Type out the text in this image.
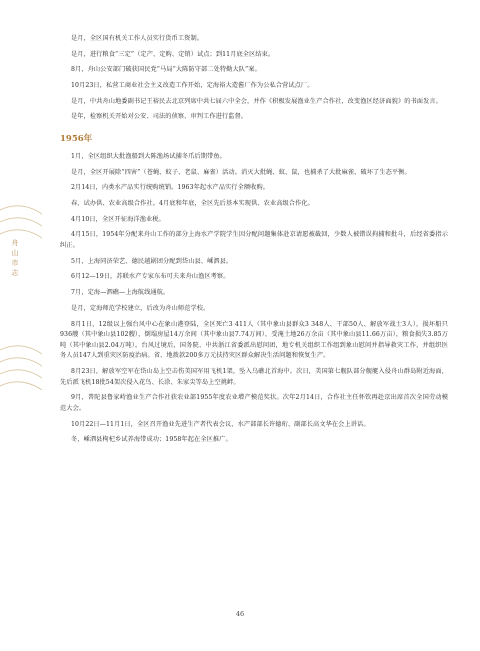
舟山市志

是月，全区国有机关工作人员实行货币工资制。

是月，进行粮食“三定”（定产、定购、定销）试点；到11月底全区结束。

8月，舟山公安部门破获国民党“马局“大陈防守部二处特勤大队”案。

10月23日，私营工商业社会主义改造工作开始，定海裕大造酱厂作为公私合营试点厂。

是月，中共舟山地委副书记王裕民去北京列席中共七届六中全会，并作《积极发展渔业生产合作社，改变渔区经济面貌》的书面发言。

是年，检察机关开始对公安、司法的侦察、审判工作进行监督。

1956年

1月，全区组织大批渔船到大陈渔场试捕冬爪后期带鱼。

是月，全区开展除“四害”（苍蝇、蚊子、老鼠、麻雀）活动。消灭大批蝇、蚊、鼠，也捕杀了大批麻雀，破坏了生态平衡。

2月14日，内类水产品实行统购统销。1963年起水产品实行全额收购。

春，试办供、农业高级合作社。4月底和年底，全区先后基本实现供、农业高级合作化。

4月10日，全区开征海洋渔业税。

4月15日，1954年分配来舟山工作的部分上海水产学院学生因分配问题集体赴京请愿被截回，少数人被错误拘捕和批斗，后经省委指示纠正。

5月，上海同济荣艺、德民越剧团分配到岱山县、嵊泗县。

6月12—19日，苏联水产专家东布可夫来舟山渔区考察。

7月，定海—泗礁—上海航线通航。

是月，定海师范学校建立，后改为舟山师范学校。

8月1日，12级以上强台风中心在象山港登陆，全区死亡3 411人（其中象山县群众3 348人、干部50人、解放军战士3人），损坏船只936艘（其中象山县102艘），倒塌房屋14万余间（其中象山县7.74万间），受淹土地26万余亩（其中象山县11.66万亩），粮食损失3.85万吨（其中象山县2.04万吨）。台风过境后，国务院、中共浙江省委派出慰问团，地专机关组织工作组到象山慰问并指导救灾工作，并组织医务人员147人到重灾区防疫治病。省、地拨款200多万元扶持灾区群众解决生活问题和恢复生产。

8月23日，解放军空军在岱山岛上空击伤美国军用飞机1架，坠入乌礁北首海中。次日，美国第七舰队部分舰艇入侵舟山群岛附近海面，先后派飞机18批54架次侵入花鸟、长涂、朱家尖等岛上空挑衅。

9月，普陀县鲁家峙渔业生产合作社获农业部1955年度农业增产模范奖状。次年2月14日，合作社主任怀钦再赴京出席首次全国劳动模范大会。

10月22日—11月1日，全区召开渔业先进生产者代表会议，水产部部长许德珩、副部长高文华在会上讲话。

冬，嵊泗县枸杞乡试养海带成功；1958年起在全区推广。

46
